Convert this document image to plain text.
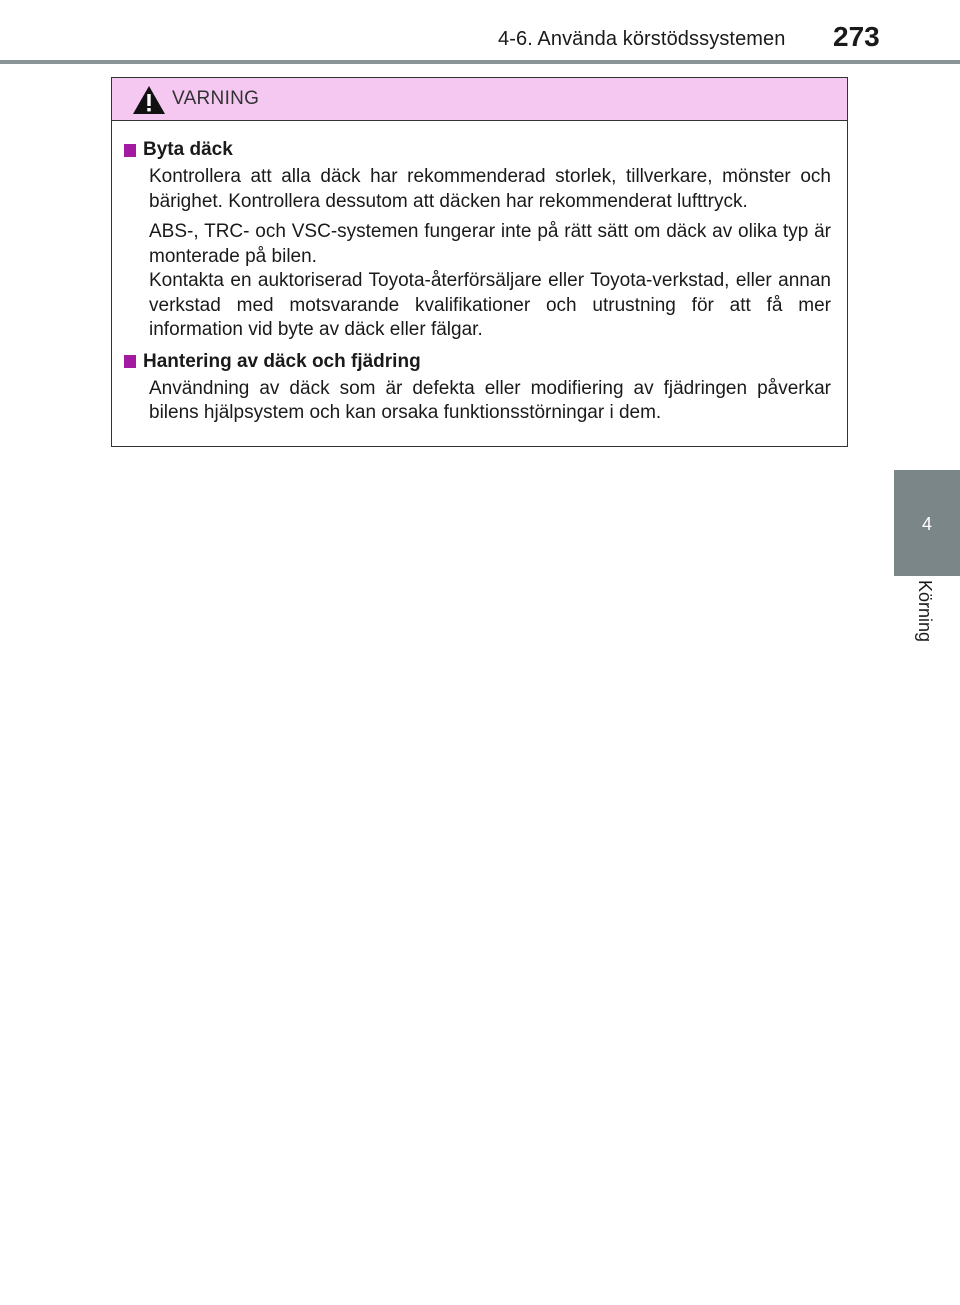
4-6. Använda körstödssystemen 273
4
Körning
VARNING
Byta däck

Kontrollera att alla däck har rekommenderad storlek, tillverkare, mönster och bärighet. Kontrollera dessutom att däcken har rekommenderat lufttryck.

ABS-, TRC- och VSC-systemen fungerar inte på rätt sätt om däck av olika typ är monterade på bilen.

Kontakta en auktoriserad Toyota-återförsäljare eller Toyota-verkstad, eller annan verkstad med motsvarande kvalifikationer och utrustning för att få mer information vid byte av däck eller fälgar.

Hantering av däck och fjädring

Användning av däck som är defekta eller modifiering av fjädringen påverkar bilens hjälpsystem och kan orsaka funktionsstörningar i dem.
